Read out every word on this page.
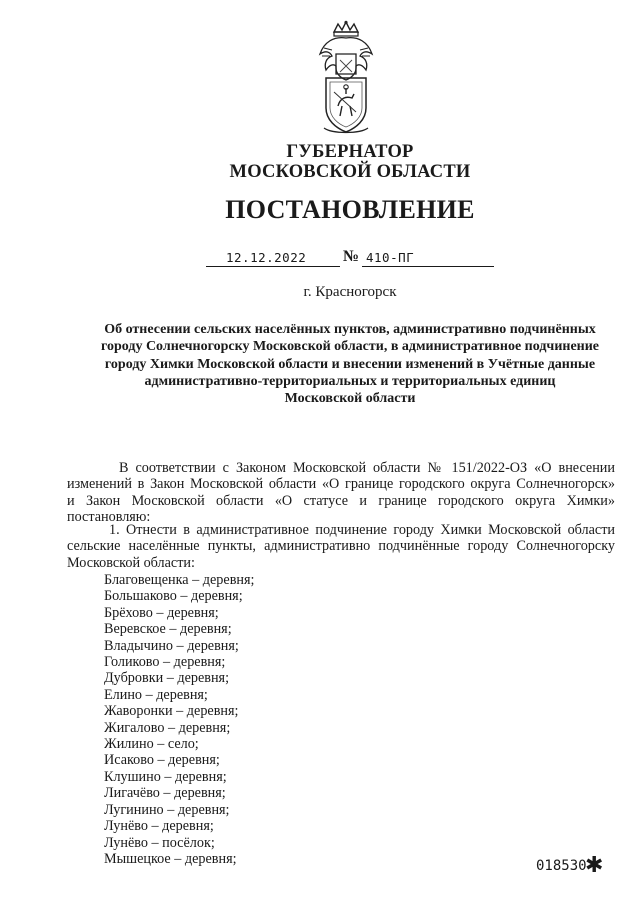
ГУБЕРНАТОР
МОСКОВСКОЙ ОБЛАСТИ
ПОСТАНОВЛЕНИЕ
12.12.2022 № 410-ПГ
г. Красногорск
Об отнесении сельских населённых пунктов, административно подчинённых
городу Солнечногорску Московской области, в административное подчинение
городу Химки Московской области и внесении изменений в Учётные данные
административно-территориальных и территориальных единиц
Московской области
В соответствии с Законом Московской области № 151/2022-ОЗ «О внесении
изменений в Закон Московской области «О границе городского округа Солнечногорск»
и Закон Московской области «О статусе и границе городского округа Химки»
постановляю:
1. Отнести в административное подчинение городу Химки Московской области
сельские населённые пункты, административно подчинённые городу Солнечногорску
Московской области:
Благовещенка – деревня;
Большаково – деревня;
Брёхово – деревня;
Веревское – деревня;
Владычино – деревня;
Голиково – деревня;
Дубровки – деревня;
Елино – деревня;
Жаворонки – деревня;
Жигалово – деревня;
Жилино – село;
Исаково – деревня;
Клушино – деревня;
Лигачёво – деревня;
Лугинино – деревня;
Лунёво – деревня;
Лунёво – посёлок;
Мышецкое – деревня;	018530
✱
